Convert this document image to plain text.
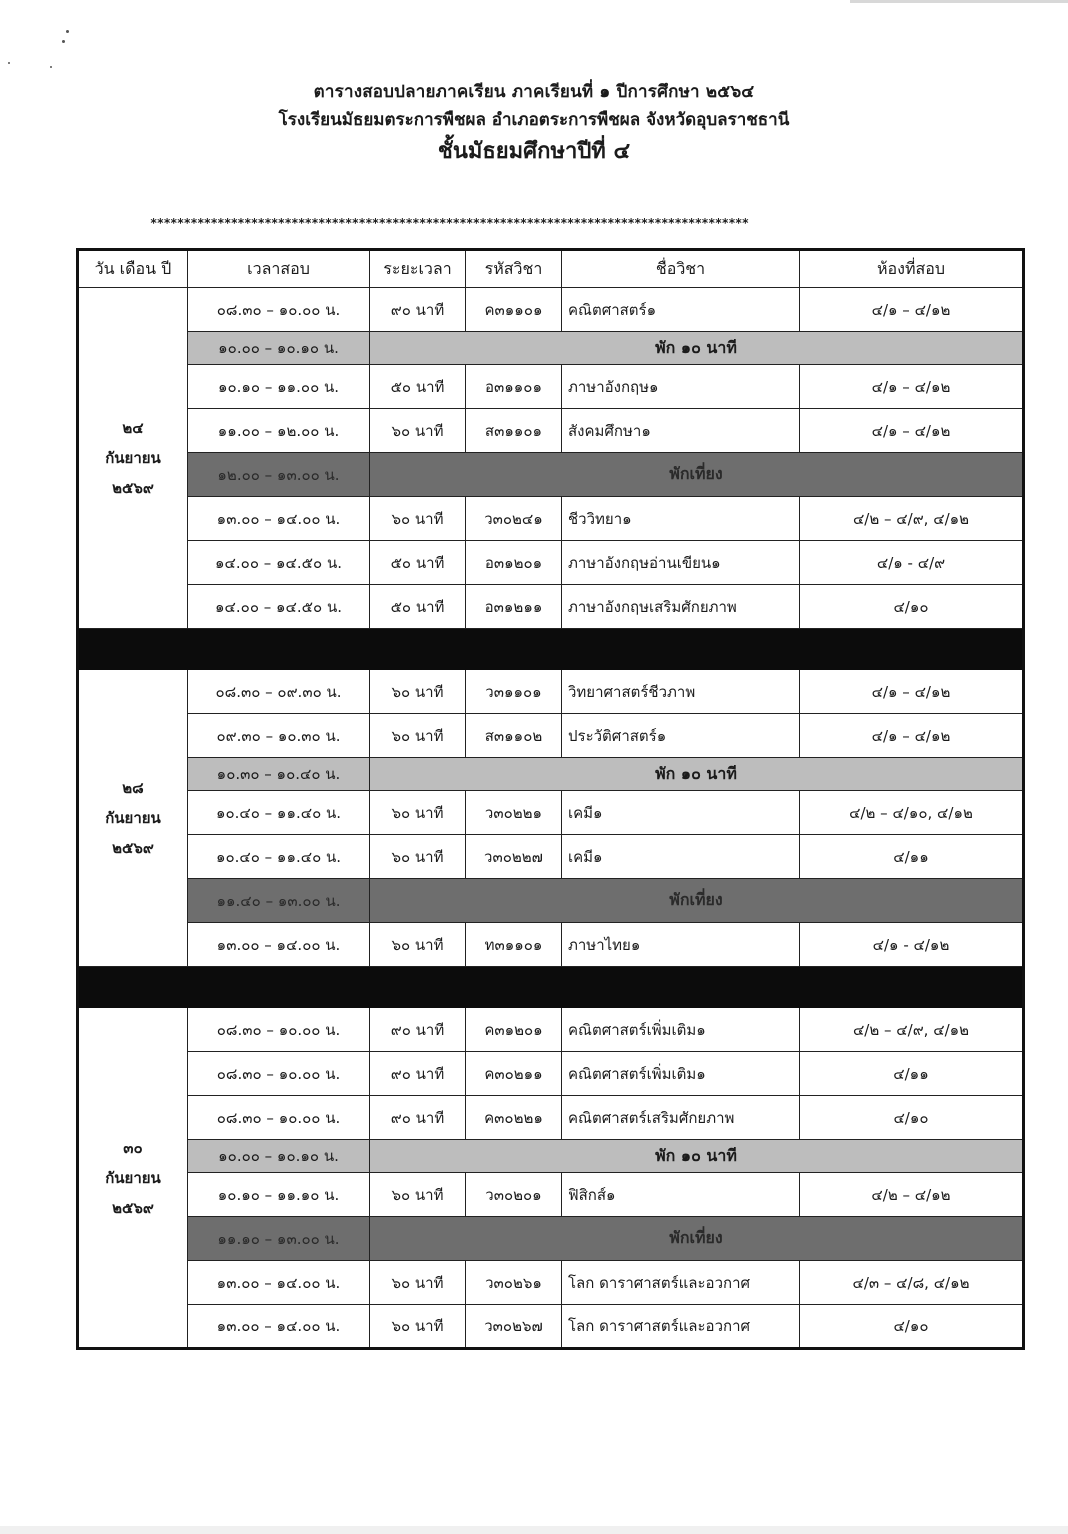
ตารางสอบปลายภาคเรียน ภาคเรียนที่ ๑ ปีการศึกษา ๒๕๖๔
โรงเรียนมัธยมตระการพืชผล อำเภอตระการพืชผล จังหวัดอุบลราชธานี
ชั้นมัธยมศึกษาปีที่ ๔
*****************************************************************************************
วัน เดือน ปี	เวลาสอบ	ระยะเวลา	รหัสวิชา	ชื่อวิชา	ห้องที่สอบ

๒๔
กันยายน
๒๕๖๙	๐๘.๓๐ – ๑๐.๐๐ น.	๙๐ นาที	ค๓๑๑๐๑	คณิตศาสตร์๑	๔/๑ – ๔/๑๒
	๑๐.๐๐ – ๑๐.๑๐ น.	พัก ๑๐ นาที			
	๑๐.๑๐ – ๑๑.๐๐ น.	๕๐ นาที	อ๓๑๑๐๑	ภาษาอังกฤษ๑	๔/๑ – ๔/๑๒
	๑๑.๐๐ – ๑๒.๐๐ น.	๖๐ นาที	ส๓๑๑๐๑	สังคมศึกษา๑	๔/๑ – ๔/๑๒
	๑๒.๐๐ – ๑๓.๐๐ น.	พักเที่ยง			
	๑๓.๐๐ – ๑๔.๐๐ น.	๖๐ นาที	ว๓๐๒๔๑	ชีววิทยา๑	๔/๒ – ๔/๙, ๔/๑๒
	๑๔.๐๐ – ๑๔.๕๐ น.	๕๐ นาที	อ๓๑๒๐๑	ภาษาอังกฤษอ่านเขียน๑	๔/๑ - ๔/๙
	๑๔.๐๐ – ๑๔.๕๐ น.	๕๐ นาที	อ๓๑๒๑๑	ภาษาอังกฤษเสริมศักยภาพ	๔/๑๐

๒๘
กันยายน
๒๕๖๙	๐๘.๓๐ – ๐๙.๓๐ น.	๖๐ นาที	ว๓๑๑๐๑	วิทยาศาสตร์ชีวภาพ	๔/๑ – ๔/๑๒
	๐๙.๓๐ – ๑๐.๓๐ น.	๖๐ นาที	ส๓๑๑๐๒	ประวัติศาสตร์๑	๔/๑ – ๔/๑๒
	๑๐.๓๐ – ๑๐.๔๐ น.	พัก ๑๐ นาที			
	๑๐.๔๐ – ๑๑.๔๐ น.	๖๐ นาที	ว๓๐๒๒๑	เคมี๑	๔/๒ – ๔/๑๐, ๔/๑๒
	๑๐.๔๐ – ๑๑.๔๐ น.	๖๐ นาที	ว๓๐๒๒๗	เคมี๑	๔/๑๑
	๑๑.๔๐ – ๑๓.๐๐ น.	พักเที่ยง			
	๑๓.๐๐ – ๑๔.๐๐ น.	๖๐ นาที	ท๓๑๑๐๑	ภาษาไทย๑	๔/๑ - ๔/๑๒

๓๐
กันยายน
๒๕๖๙	๐๘.๓๐ – ๑๐.๐๐ น.	๙๐ นาที	ค๓๑๒๐๑	คณิตศาสตร์เพิ่มเติม๑	๔/๒ – ๔/๙, ๔/๑๒
	๐๘.๓๐ – ๑๐.๐๐ น.	๙๐ นาที	ค๓๐๒๑๑	คณิตศาสตร์เพิ่มเติม๑	๔/๑๑
	๐๘.๓๐ – ๑๐.๐๐ น.	๙๐ นาที	ค๓๐๒๒๑	คณิตศาสตร์เสริมศักยภาพ	๔/๑๐
	๑๐.๐๐ – ๑๐.๑๐ น.	พัก ๑๐ นาที			
	๑๐.๑๐ – ๑๑.๑๐ น.	๖๐ นาที	ว๓๐๒๐๑	ฟิสิกส์๑	๔/๒ – ๔/๑๒
	๑๑.๑๐ – ๑๓.๐๐ น.	พักเที่ยง			
	๑๓.๐๐ – ๑๔.๐๐ น.	๖๐ นาที	ว๓๐๒๖๑	โลก ดาราศาสตร์และอวกาศ	๔/๓ – ๔/๘, ๔/๑๒
	๑๓.๐๐ – ๑๔.๐๐ น.	๖๐ นาที	ว๓๐๒๖๗	โลก ดาราศาสตร์และอวกาศ	๔/๑๐
